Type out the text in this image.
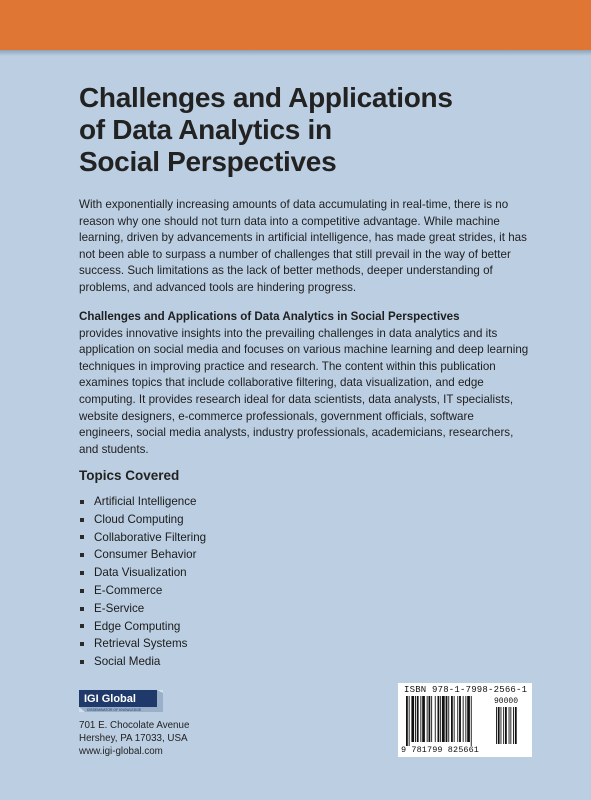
Challenges and Applications
of Data Analytics in
Social Perspectives

With exponentially increasing amounts of data accumulating in real-time, there is no reason why one should not turn data into a competitive advantage. While machine learning, driven by advancements in artificial intelligence, has made great strides, it has not been able to surpass a number of challenges that still prevail in the way of better success. Such limitations as the lack of better methods, deeper understanding of problems, and advanced tools are hindering progress.

Challenges and Applications of Data Analytics in Social Perspectives
provides innovative insights into the prevailing challenges in data analytics and its application on social media and focuses on various machine learning and deep learning techniques in improving practice and research. The content within this publication examines topics that include collaborative filtering, data visualization, and edge computing. It provides research ideal for data scientists, data analysts, IT specialists, website designers, e-commerce professionals, government officials, software engineers, social media analysts, industry professionals, academicians, researchers, and students.

Topics Covered
Artificial Intelligence
Cloud Computing
Collaborative Filtering
Consumer Behavior
Data Visualization
E-Commerce
E-Service
Edge Computing
Retrieval Systems
Social Media
IGI Global
DISSEMINATOR OF KNOWLEDGE
701 E. Chocolate Avenue
Hershey, PA 17033, USA
www.igi-global.com
ISBN 978-1-7998-2566-1
90000
9 781799 825661
